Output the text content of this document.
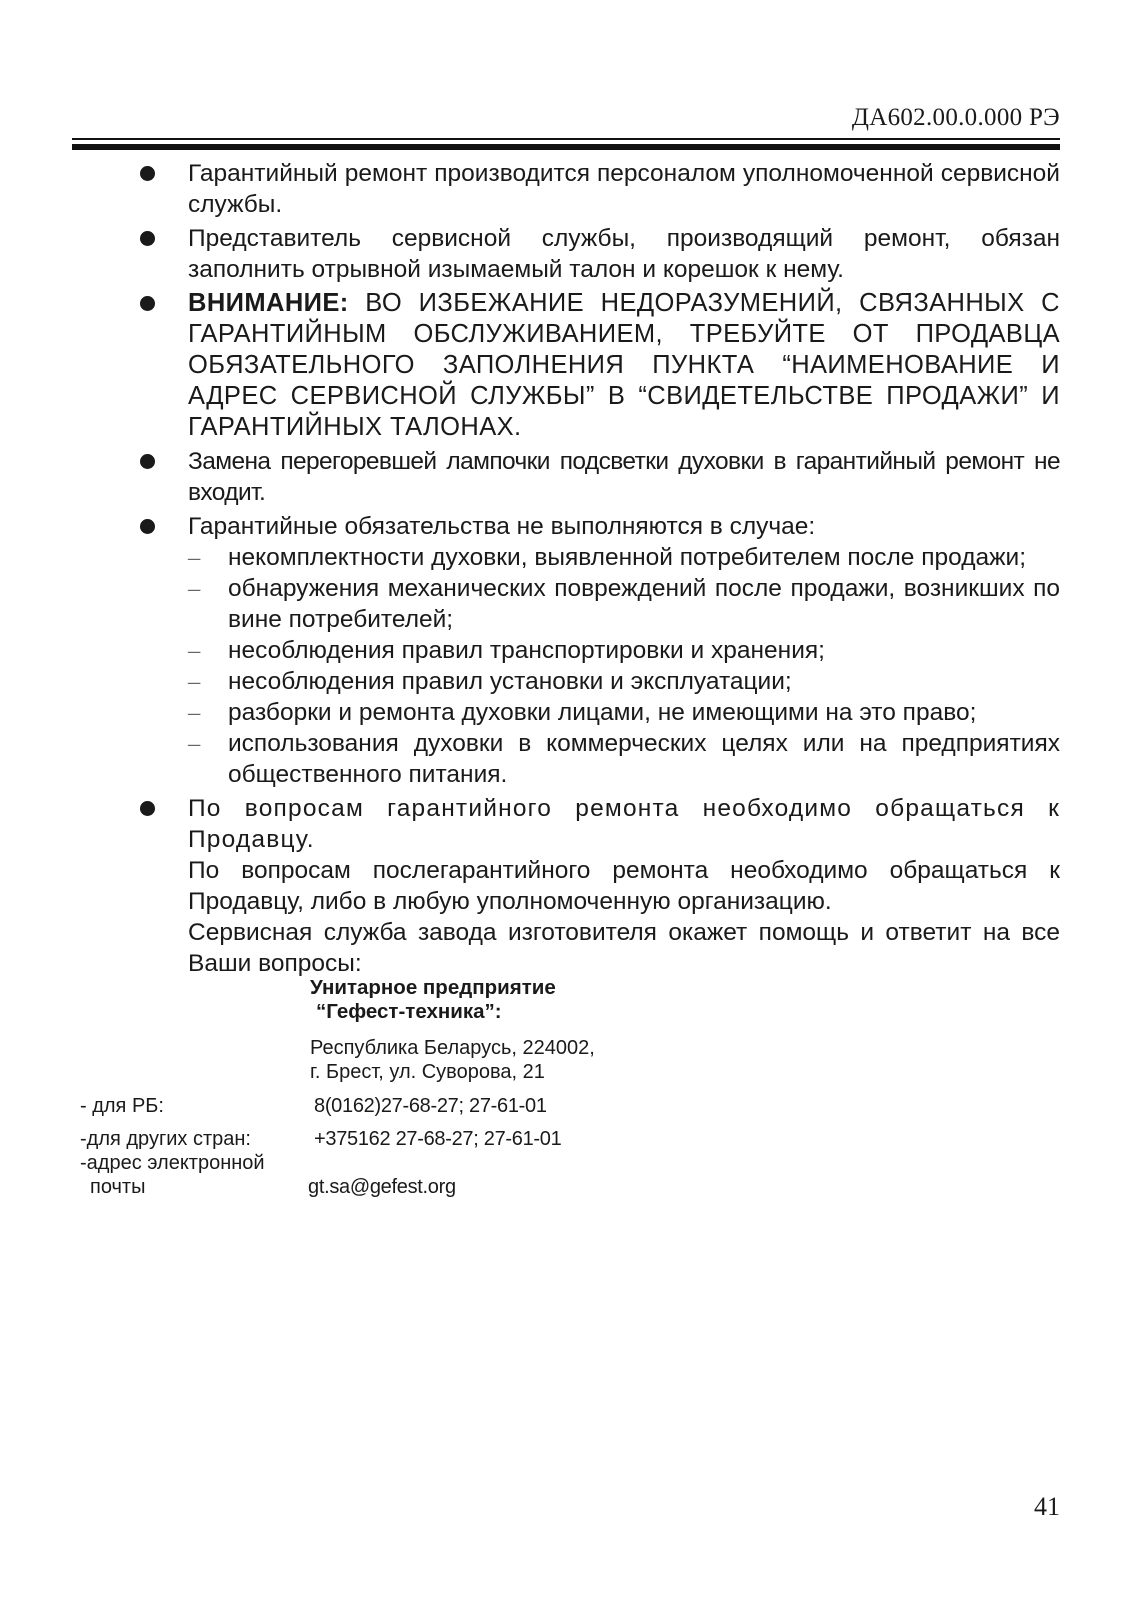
ДА602.00.0.000 РЭ
Гарантийный ремонт производится персоналом уполномоченной сервисной службы.
Представитель сервисной службы, производящий ремонт, обязан заполнить отрывной изымаемый талон и корешок к нему.
ВНИМАНИЕ: ВО ИЗБЕЖАНИЕ НЕДОРАЗУМЕНИЙ, СВЯЗАННЫХ С ГАРАНТИЙНЫМ ОБСЛУЖИВАНИЕМ, ТРЕБУЙТЕ ОТ ПРОДАВЦА ОБЯЗАТЕЛЬНОГО ЗАПОЛНЕНИЯ ПУНКТА “НАИМЕНОВАНИЕ И АДРЕС СЕРВИСНОЙ СЛУЖБЫ” В “СВИДЕТЕЛЬСТВЕ ПРОДАЖИ” И ГАРАНТИЙНЫХ ТАЛОНАХ.
Замена перегоревшей лампочки подсветки духовки в гарантийный ремонт не входит.
Гарантийные обязательства не выполняются в случае:
– некомплектности духовки, выявленной потребителем после продажи;
– обнаружения механических повреждений после продажи, возникших по вине потребителей;
– несоблюдения правил транспортировки и хранения;
– несоблюдения правил установки и эксплуатации;
– разборки и ремонта духовки лицами, не имеющими на это право;
– использования духовки в коммерческих целях или на предприятиях общественного питания.
По вопросам гарантийного ремонта необходимо обращаться к Продавцу.
По вопросам послегарантийного ремонта необходимо обращаться к Продавцу, либо в любую уполномоченную организацию.
Сервисная служба завода изготовителя окажет помощь и ответит на все Ваши вопросы:
Унитарное предприятие
“Гефест-техника”:
Республика Беларусь, 224002,
г. Брест, ул. Суворова, 21
- для РБ:	8(0162)27-68-27; 27-61-01
-для других стран:	+375162 27-68-27; 27-61-01
-адрес электронной
почты	gt.sa@gefest.org
41
